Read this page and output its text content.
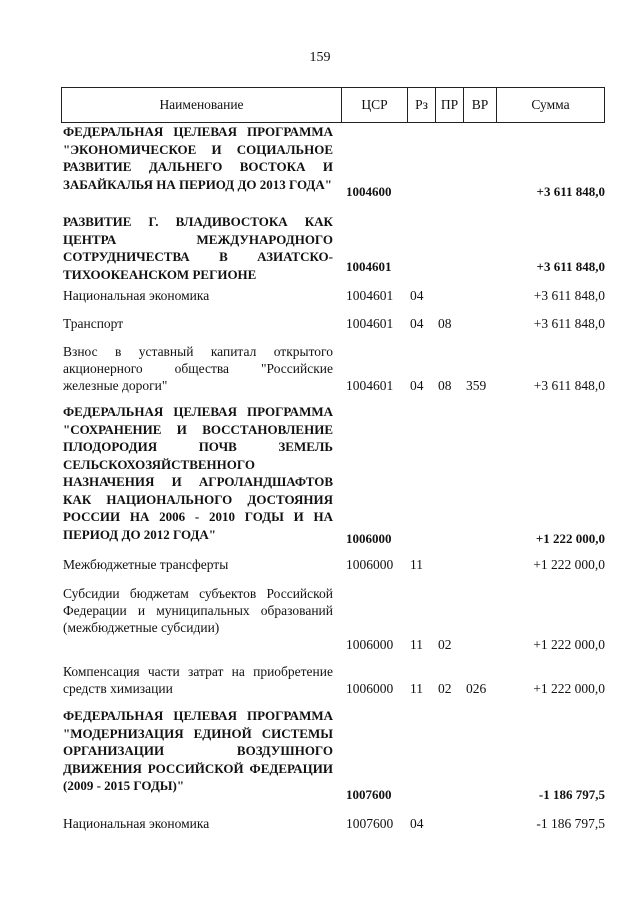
159
Наименование	ЦСР	Рз ПР	ВР	Сумма
ФЕДЕРАЛЬНАЯ ЦЕЛЕВАЯ ПРОГРАММА "ЭКОНОМИЧЕСКОЕ И СОЦИАЛЬНОЕ РАЗВИТИЕ ДАЛЬНЕГО ВОСТОКА И ЗАБАЙКАЛЬЯ НА ПЕРИОД ДО 2013 ГОДА" 1004600	+3 611 848,0
РАЗВИТИЕ Г. ВЛАДИВОСТОКА КАК ЦЕНТРА МЕЖДУНАРОДНОГО СОТРУДНИЧЕСТВА В АЗИАТСКО-ТИХООКЕАНСКОМ РЕГИОНЕ	1004601	+3 611 848,0
Национальная экономика	1004601 04	+3 611 848,0
Транспорт	1004601 04 08	+3 611 848,0
Взнос в уставный капитал открытого акционерного общества "Российские железные дороги"	1004601 04 08 359	+3 611 848,0
ФЕДЕРАЛЬНАЯ ЦЕЛЕВАЯ ПРОГРАММА "СОХРАНЕНИЕ И ВОССТАНОВЛЕНИЕ ПЛОДОРОДИЯ ПОЧВ ЗЕМЕЛЬ СЕЛЬСКОХОЗЯЙСТВЕННОГО НАЗНАЧЕНИЯ И АГРОЛАНДШАФТОВ КАК НАЦИОНАЛЬНОГО ДОСТОЯНИЯ РОССИИ НА 2006 - 2010 ГОДЫ И НА ПЕРИОД ДО 2012 ГОДА"	1006000	+1 222 000,0
Межбюджетные трансферты	1006000 11	+1 222 000,0
Субсидии бюджетам субъектов Российской Федерации и муниципальных образований (межбюджетные субсидии)
1006000 11 02	+1 222 000,0
Компенсация части затрат на приобретение средств химизации	1006000 11 02 026	+1 222 000,0
ФЕДЕРАЛЬНАЯ ЦЕЛЕВАЯ ПРОГРАММА "МОДЕРНИЗАЦИЯ ЕДИНОЙ СИСТЕМЫ ОРГАНИЗАЦИИ ВОЗДУШНОГО ДВИЖЕНИЯ РОССИЙСКОЙ ФЕДЕРАЦИИ (2009 - 2015 ГОДЫ)"
1007600	-1 186 797,5
Национальная экономика	1007600 04	-1 186 797,5
